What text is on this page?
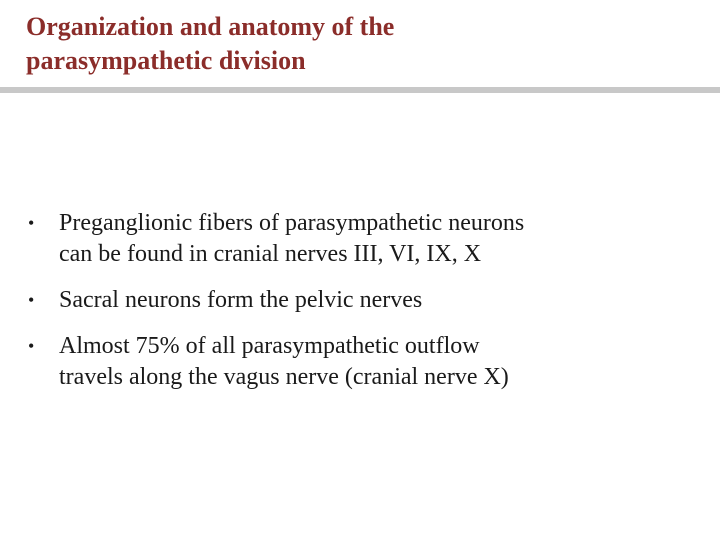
Organization and anatomy of the
parasympathetic division
• Preganglionic fibers of parasympathetic neurons
can be found in cranial nerves III, VI, IX, X
• Sacral neurons form the pelvic nerves
• Almost 75% of all parasympathetic outflow
travels along the vagus nerve (cranial nerve X)
